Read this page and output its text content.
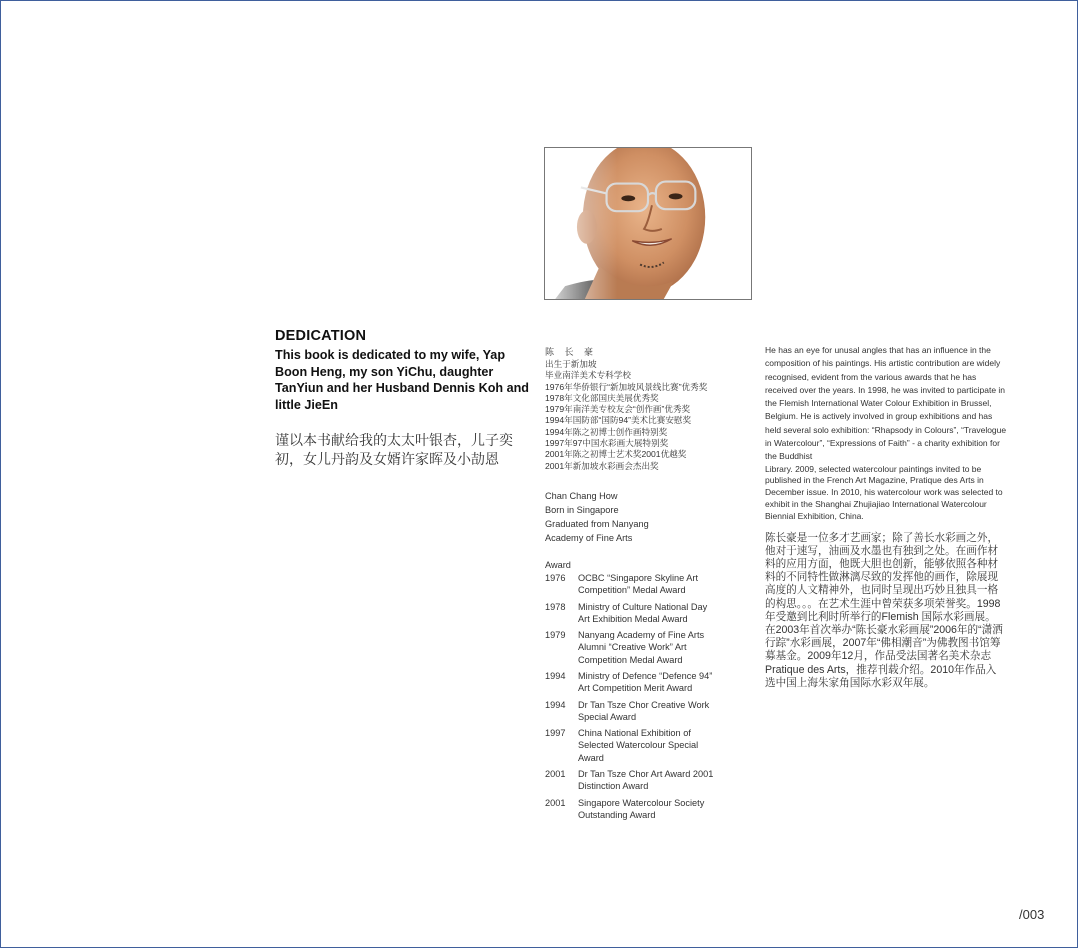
DEDICATION

This book is dedicated to my wife, Yap Boon Heng, my son YiChu, daughter TanYiun and her Husband Dennis Koh and little JieEn

谨以本书献给我的太太叶银杏，儿子奕初，女儿丹韵及女婿许家晖及小劼恩

陈 长 豪
出生于新加坡
毕业南洋美术专科学校
1976年华侨银行“新加坡风景线比赛”优秀奖
1978年文化部国庆美展优秀奖
1979年南洋美专校友会“创作画”优秀奖
1994年国防部“国防94”美术比赛安慰奖
1994年陈之初博士创作画特别奖
1997年97中国水彩画大展特别奖
2001年陈之初博士艺术奖2001优越奖
2001年新加坡水彩画会杰出奖
Chan Chang How
Born in Singapore
Graduated from Nanyang
Academy of Fine Arts
Award
1976	OCBC “Singapore Skyline Art Competition” Medal Award
1978	Ministry of Culture National Day Art Exhibition Medal Award
1979	Nanyang Academy of Fine Arts Alumni “Creative Work” Art Competition Medal Award
1994	Ministry of Defence “Defence 94” Art Competition Merit Award
1994	Dr Tan Tsze Chor Creative Work Special Award
1997	China National Exhibition of Selected Watercolour Special Award
2001	Dr Tan Tsze Chor Art Award 2001 Distinction Award
2001	Singapore Watercolour Society Outstanding Award

He has an eye for unusal angles that has an influence in the composition of his paintings. His artistic contribution are widely recognised, evident from the various awards that he has received over the years. In 1998, he was invited to participate in the Flemish International Water Colour Exhibition in Brussel, Belgium. He is actively involved in group exhibitions and has held several solo exhibition: “Rhapsody in Colours”, “Travelogue in Watercolour”, “Expressions of Faith” - a charity exhibition for the Buddhist
Library. 2009, selected watercolour paintings invited to be published in the French Art Magazine, Pratique des Arts in December issue. In 2010, his watercolour work was selected to exhibit in the Shanghai Zhujiajiao International Watercolour Biennial Exhibition, China.

陈长豪是一位多才艺画家；除了善长水彩画之外，他对于速写，油画及水墨也有独到之处。在画作材料的应用方面，他既大胆也创新，能够依照各种材料的不同特性做淋漓尽致的发挥他的画作，除展现高度的人文精神外，也同时呈现出巧妙且独具一格的构思。。。在艺术生涯中曾荣获多项荣誉奖。1998年受邀到比利时所举行的Flemish 国际水彩画展。在2003年首次举办“陈长豪水彩画展”2006年的“潇洒行踪”水彩画展，2007年“佛相潮音”为佛教图书馆筹募基金。2009年12月，作品受法国著名美术杂志Pratique des Arts，推荐刊载介绍。2010年作品入选中国上海朱家角国际水彩双年展。

/003
